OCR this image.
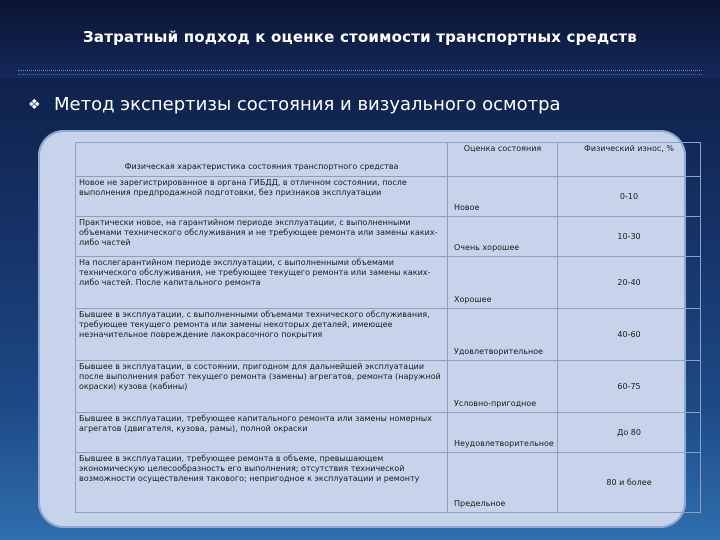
Затратный подход к оценке стоимости транспортных средств
❖ Метод экспертизы состояния и визуального осмотра
Физическая характеристика состояния транспортного средства	Оценка состояния	Физический износ, %
Новое не зарегистрированное в органа ГИБДД, в отличном состоянии, после выполнения предпродажной подготовки, без признаков эксплуатации	Новое	0-10
Практически новое, на гарантийном периоде эксплуатации, с выполненными объемами технического обслуживания и не требующее ремонта или замены каких-либо частей	Очень хорошее	10-30
На послегарантийном периоде эксплуатации, с выполненными объемами технического обслуживания, не требующее текущего ремонта или замены каких-либо частей. После капитального ремонта	Хорошее	20-40
Бывшее в эксплуатации, с выполненными объемами технического обслуживания, требующее текущего ремонта или замены некоторых деталей, имеющее незначительное повреждение лакокрасочного покрытия	Удовлетворительное	40-60
Бывшее в эксплуатации, в состоянии, пригодном для дальнейшей эксплуатации после выполнения работ текущего ремонта (замены) агрегатов, ремонта (наружной окраски) кузова (кабины)	Условно-пригодное	60-75
Бывшее в эксплуатации, требующее капитального ремонта или замены номерных агрегатов (двигателя, кузова, рамы), полной окраски	Неудовлетворительное	До 80
Бывшее в эксплуатации, требующее ремонта в объеме, превышающем экономическую целесообразность его выполнения; отсутствия технической возможности осуществления такового; непригодное к эксплуатации и ремонту	Предельное	80 и более
